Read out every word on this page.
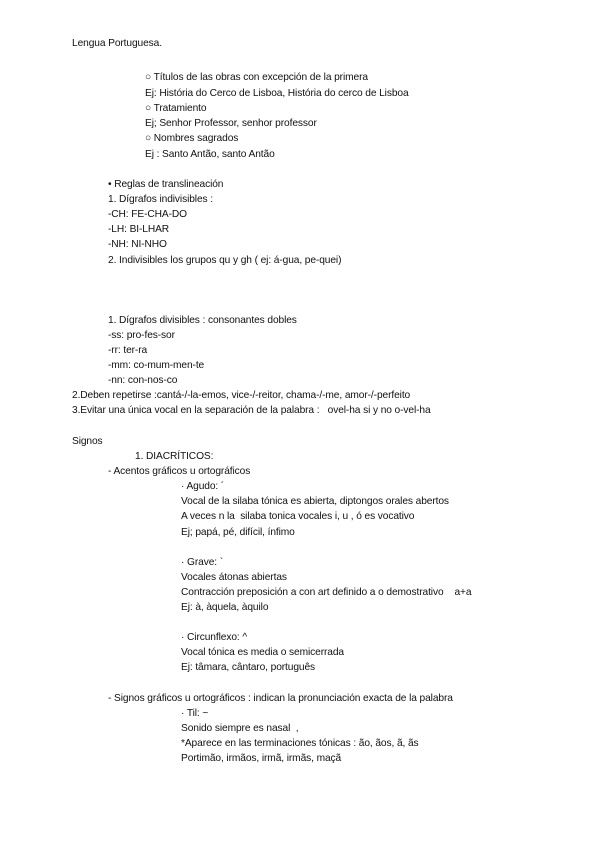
Lengua Portuguesa.
○ Títulos de las obras con excepción de la primera
Ej: História do Cerco de Lisboa, História do cerco de Lisboa
○ Tratamiento
Ej; Senhor Professor, senhor professor
○ Nombres sagrados
Ej : Santo Antão, santo Antão
• Reglas de translineación
1. Dígrafos indivisibles :
-CH: FE-CHA-DO
-LH: BI-LHAR
-NH: NI-NHO
2. Indivisibles los grupos qu y gh ( ej: á-gua, pe-quei)
1. Dígrafos divisibles : consonantes dobles
-ss: pro-fes-sor
-rr: ter-ra
-mm: co-mum-men-te
-nn: con-nos-co
2.Deben repetirse :cantá-/-la-emos, vice-/-reitor, chama-/-me, amor-/-perfeito
3.Evitar una única vocal en la separación de la palabra :   ovel-ha si y no o-vel-ha
Signos
1. DIACRÍTICOS:
- Acentos gráficos u ortográficos
· Agudo: ´
Vocal de la silaba tónica es abierta, diptongos orales abertos
A veces n la  silaba tonica vocales i, u , ó es vocativo
Ej; papá, pé, difícil, ínfimo
· Grave: `
Vocales átonas abiertas
Contracción preposición a con art definido a o demostrativo    a+a
Ej: à, àquela, àquilo
· Circunflexo: ^
Vocal tónica es media o semicerrada
Ej: tâmara, cântaro, português
- Signos gráficos u ortográficos : indican la pronunciación exacta de la palabra
· Til: ~
Sonido siempre es nasal  ,
*Aparece en las terminaciones tónicas : ão, ãos, ã, ãs
Portimão, irmãos, irmã, irmãs, maçã
